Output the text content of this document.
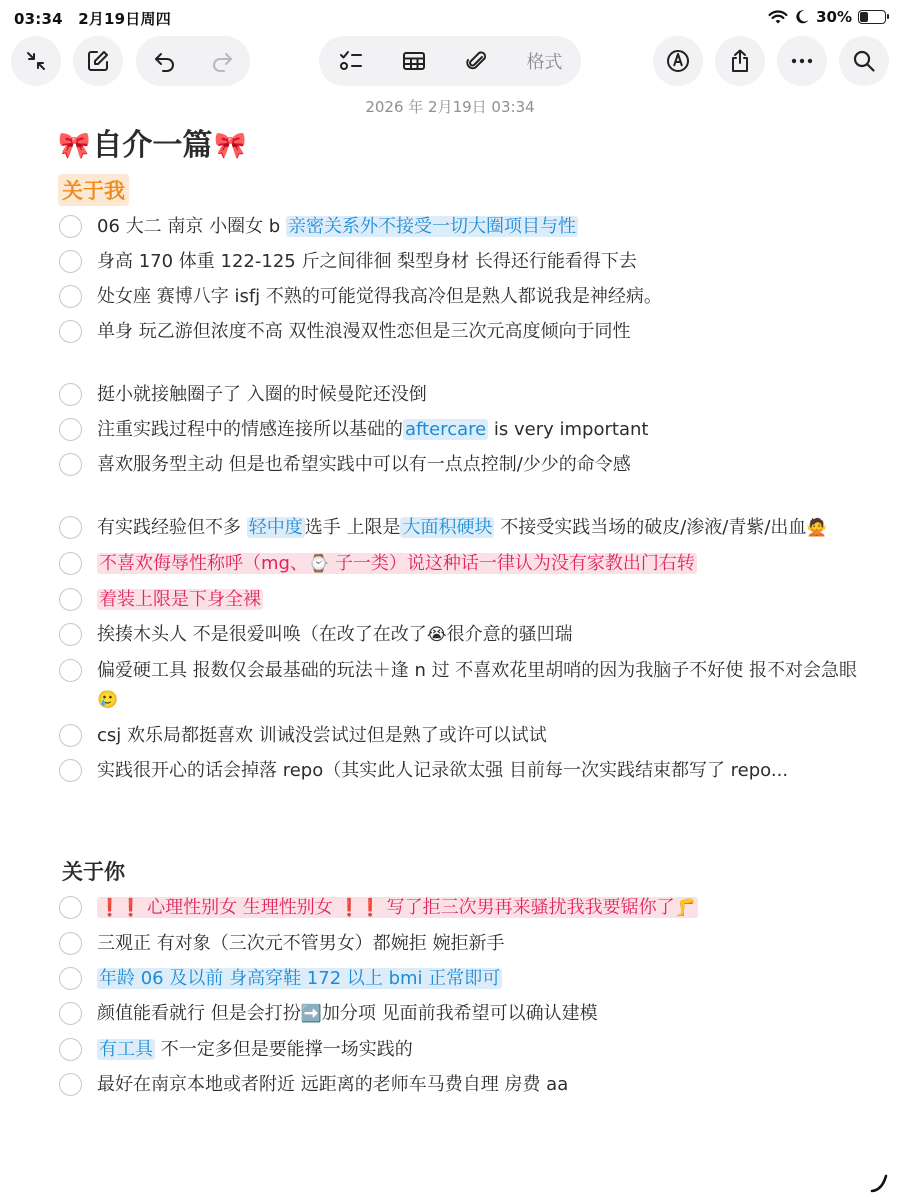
03:34 2月19日周四	30%
格式
2026 年 2月19日 03:34
🎀 自介一篇 🎀
关于我
06 大二 南京 小圈女 b 亲密关系外不接受一切大圈项目与性
身高 170 体重 122-125 斤之间徘徊 梨型身材 长得还行能看得下去
处女座 赛博八字 isfj 不熟的可能觉得我高冷但是熟人都说我是神经病。
单身 玩乙游但浓度不高 双性浪漫双性恋但是三次元高度倾向于同性
挺小就接触圈子了 入圈的时候曼陀还没倒
注重实践过程中的情感连接所以基础的 aftercare is very important
喜欢服务型主动 但是也希望实践中可以有一点点控制/少少的命令感
有实践经验但不多 轻中度 选手 上限是 大面积硬块 不接受实践当场的破皮/渗液/青紫/出血🙅
不喜欢侮辱性称呼（mg、⌚ 子一类）说这种话一律认为没有家教出门右转
着装上限是下身全裸
挨揍木头人 不是很爱叫唤（在改了在改了😭很介意的骚凹瑞
偏爱硬工具 报数仅会最基础的玩法＋逢 n 过 不喜欢花里胡哨的因为我脑子不好使 报不对会急眼🥲
csj 欢乐局都挺喜欢 训诫没尝试过但是熟了或许可以试试
实践很开心的话会掉落 repo（其实此人记录欲太强 目前每一次实践结束都写了 repo...
关于你
❗❗ 心理性别女 生理性别女 ❗❗ 写了拒三次男再来骚扰我我要锯你了🦵
三观正 有对象（三次元不管男女）都婉拒 婉拒新手
年龄 06 及以前 身高穿鞋 172 以上 bmi 正常即可
颜值能看就行 但是会打扮➡️加分项 见面前我希望可以确认建模
有工具 不一定多但是要能撑一场实践的
最好在南京本地或者附近 远距离的老师车马费自理 房费 aa
